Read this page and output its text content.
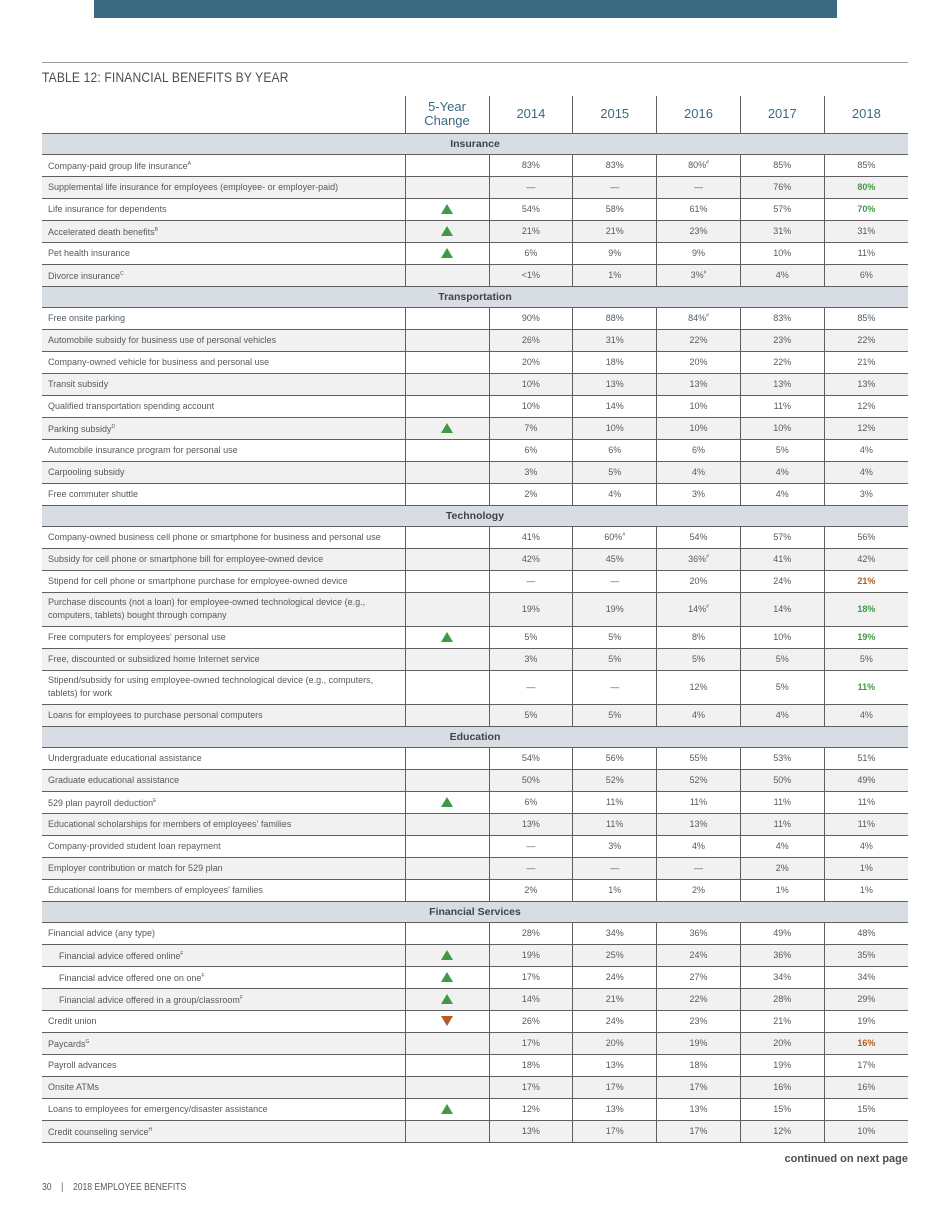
TABLE 12: FINANCIAL BENEFITS BY YEAR
	5-Year Change	2014	2015	2016	2017	2018
Insurance						
Company-paid group life insurance$^A$		83%	83%	80%#	85%	85%
Supplemental life insurance for employees (employee- or employer-paid)		—	—	—	76%	80%
Life insurance for dependents		54%	58%	61%	57%	70%
Accelerated death benefits$^B$		21%	21%	23%	31%	31%
Pet health insurance		6%	9%	9%	10%	11%
Divorce insurance$^C$		<1%	1%	3%#	4%	6%
Transportation						
Free onsite parking		90%	88%	84%#	83%	85%
Automobile subsidy for business use of personal vehicles		26%	31%	22%	23%	22%
Company-owned vehicle for business and personal use		20%	18%	20%	22%	21%
Transit subsidy		10%	13%	13%	13%	13%
Qualified transportation spending account		10%	14%	10%	11%	12%
Parking subsidy$^D$		7%	10%	10%	10%	12%
Automobile insurance program for personal use		6%	6%	6%	5%	4%
Carpooling subsidy		3%	5%	4%	4%	4%
Free commuter shuttle		2%	4%	3%	4%	3%
Technology						
Company-owned business cell phone or smartphone for business and personal use		41%	60%#	54%	57%	56%
Subsidy for cell phone or smartphone bill for employee-owned device		42%	45%	36%#	41%	42%
Stipend for cell phone or smartphone purchase for employee-owned device		—	—	20%	24%	21%
Purchase discounts (not a loan) for employee-owned technological device (e.g., computers, tablets) bought through company		19%	19%	14%#	14%	18%
Free computers for employees' personal use		5%	5%	8%	10%	19%
Free, discounted or subsidized home Internet service		3%	5%	5%	5%	5%
Stipend/subsidy for using employee-owned technological device (e.g., computers, tablets) for work		—	—	12%	5%	11%
Loans for employees to purchase personal computers		5%	5%	4%	4%	4%
Education						
Undergraduate educational assistance		54%	56%	55%	53%	51%
Graduate educational assistance		50%	52%	52%	50%	49%
529 plan payroll deduction$^E$		6%	11%	11%	11%	11%
Educational scholarships for members of employees' families		13%	11%	13%	11%	11%
Company-provided student loan repayment		—	3%	4%	4%	4%
Employer contribution or match for 529 plan		—	—	—	2%	1%
Educational loans for members of employees' families		2%	1%	2%	1%	1%
Financial Services						
Financial advice (any type)		28%	34%	36%	49%	48%
Financial advice offered online$^F$		19%	25%	24%	36%	35%
Financial advice offered one on one$^F$		17%	24%	27%	34%	34%
Financial advice offered in a group/classroom$^F$		14%	21%	22%	28%	29%
Credit union		26%	24%	23%	21%	19%
Paycards$^G$		17%	20%	19%	20%	16%
Payroll advances		18%	13%	18%	19%	17%
Onsite ATMs		17%	17%	17%	16%	16%
Loans to employees for emergency/disaster assistance		12%	13%	13%	15%	15%
Credit counseling service$^H$		13%	17%	17%	12%	10%
continued on next page
30 | 2018 EMPLOYEE BENEFITS
